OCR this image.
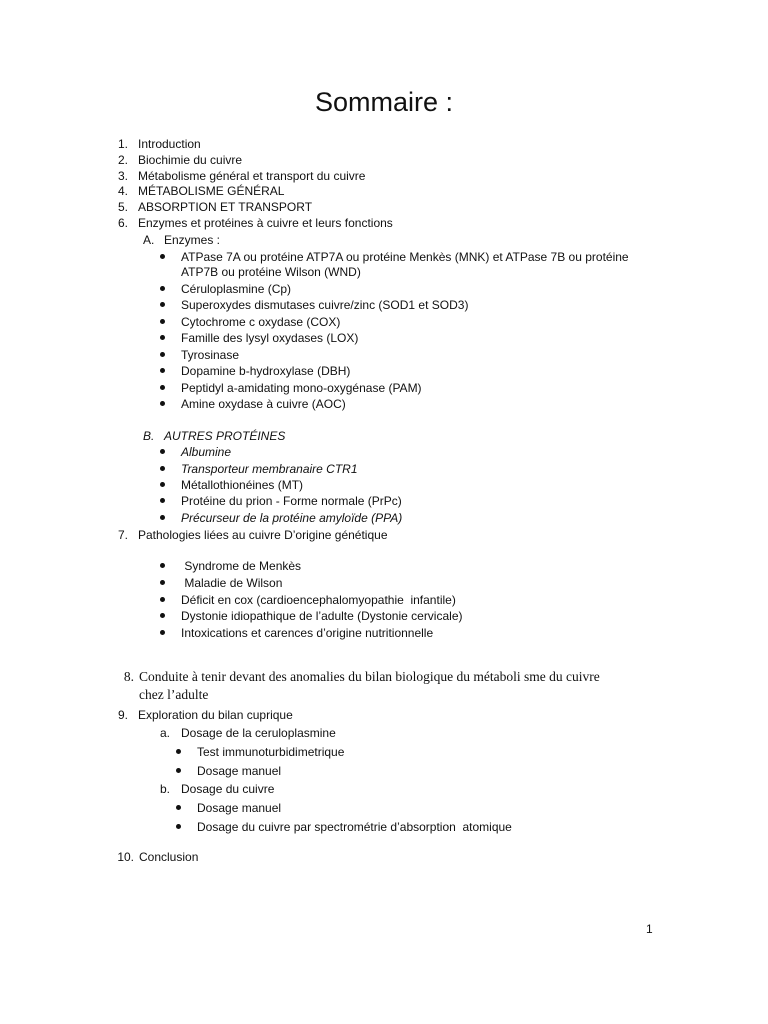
Sommaire :
1. Introduction
2. Biochimie du cuivre
3. Métabolisme général et transport du cuivre
4. MÉTABOLISME GÉNÉRAL
5. ABSORPTION ET TRANSPORT
6. Enzymes et protéines à cuivre et leurs fonctions
A. Enzymes :
ATPase 7A ou protéine ATP7A ou protéine Menkès (MNK) et ATPase 7B ou protéine
ATP7B ou protéine Wilson (WND)
Céruloplasmine (Cp)
Superoxydes dismutases cuivre/zinc (SOD1 et SOD3)
Cytochrome c oxydase (COX)
Famille des lysyl oxydases (LOX)
Tyrosinase
Dopamine b-hydroxylase (DBH)
Peptidyl a-amidating mono-oxygénase (PAM)
Amine oxydase à cuivre (AOC)
B. AUTRES PROTÉINES
Albumine
Transporteur membranaire CTR1
Métallothionéines (MT)
Protéine du prion - Forme normale (PrPc)
Précurseur de la protéine amyloïde (PPA)
7. Pathologies liées au cuivre D’origine génétique
Syndrome de Menkès
Maladie de Wilson
Déficit en cox (cardioencephalomyopathie  infantile)
Dystonie idiopathique de l’adulte (Dystonie cervicale)
Intoxications et carences d’origine nutritionnelle
8. Conduite à tenir devant des anomalies du bilan biologique du métaboli sme du cuivre
chez l’adulte
9. Exploration du bilan cuprique
a. Dosage de la ceruloplasmine
Test immunoturbidimetrique
Dosage manuel
b. Dosage du cuivre
Dosage manuel
Dosage du cuivre par spectrométrie d’absorption  atomique
10. Conclusion
1
